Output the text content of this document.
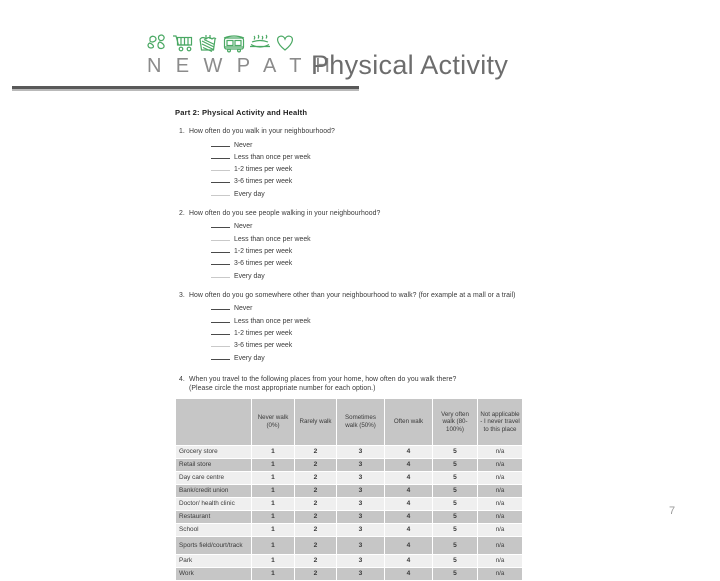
N E W P A T H
Physical Activity
Part 2: Physical Activity and Health
1. How often do you walk in your neighbourhood?
Never
Less than once per week
1-2 times per week
3-6 times per week
Every day
2. How often do you see people walking in your neighbourhood?
Never
Less than once per week
1-2 times per week
3-6 times per week
Every day
3. How often do you go somewhere other than your neighbourhood to walk? (for example at a mall or a trail)
Never
Less than once per week
1-2 times per week
3-6 times per week
Every day
4. When you travel to the following places from your home, how often do you walk there?
(Please circle the most appropriate number for each option.)
	Never walk (0%)	Rarely walk	Sometimes walk (50%)	Often walk	Very often walk (80-100%)	Not applicable - I never travel to this place
Grocery store	1	2	3	4	5	n/a
Retail store	1	2	3	4	5	n/a
Day care centre	1	2	3	4	5	n/a
Bank/credit union	1	2	3	4	5	n/a
Doctor/ health clinic	1	2	3	4	5	n/a
Restaurant	1	2	3	4	5	n/a
School	1	2	3	4	5	n/a
Sports field/court/track	1	2	3	4	5	n/a
Park	1	2	3	4	5	n/a
Work	1	2	3	4	5	n/a
7
